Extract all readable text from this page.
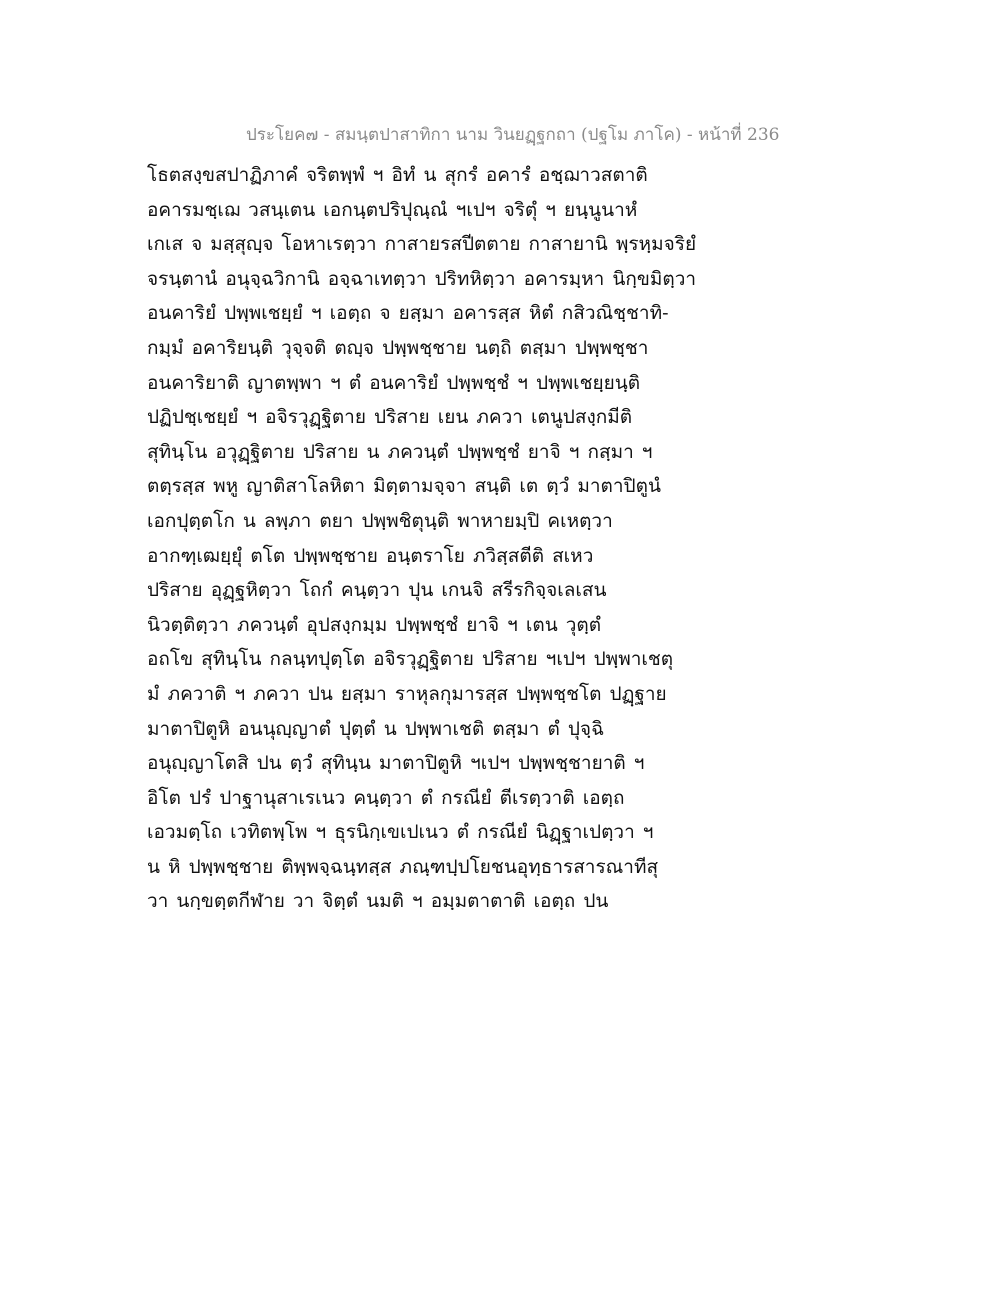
ประโยค๗ - สมนฺตปาสาทิกา นาม วินยฏฺฐกถา (ปฐโม ภาโค) - หน้าที่ 236
โธตสงฺขสปาฏิภาคํ จริตพฺพํ ฯ อิทํ น สุกรํ อคารํ อชฺฌาวสตาติ
อคารมชฺเฌ วสนฺเตน เอกนฺตปริปุณฺณํ ฯเปฯ จริตุํ ฯ ยนฺนูนาหํ
เกเส จ มสฺสุญฺจ โอหาเรตฺวา กาสายรสปีตตาย กาสายานิ พฺรหฺมจริยํ
จรนฺตานํ อนุจฺฉวิกานิ อจฺฉาเทตฺวา ปริทหิตฺวา อคารมฺหา นิกฺขมิตฺวา
อนคาริยํ ปพฺพเชยฺยํ ฯ เอตฺถ จ ยสฺมา อคารสฺส หิตํ กสิวณิชฺชาทิ-
กมฺมํ อคาริยนฺติ วุจฺจติ ตญฺจ ปพฺพชฺชาย นตฺถิ ตสฺมา ปพฺพชฺชา
อนคาริยาติ ญาตพฺพา ฯ ตํ อนคาริยํ ปพฺพชฺชํ ฯ ปพฺพเชยฺยนฺติ
ปฏิปชฺเชยฺยํ ฯ อจิรวุฏฺฐิตาย ปริสาย เยน ภควา เตนูปสงฺกมีติ
สุทินฺโน อวุฏฺฐิตาย ปริสาย น ภควนฺตํ ปพฺพชฺชํ ยาจิ ฯ กสฺมา ฯ
ตตฺรสฺส พหู ญาติสาโลหิตา มิตฺตามจฺจา สนฺติ เต ตฺวํ มาตาปิตูนํ
เอกปุตฺตโก น ลพฺภา ตยา ปพฺพชิตุนฺติ พาหายมฺปิ คเหตฺวา
อากฑฺเฒยฺยุํ ตโต ปพฺพชฺชาย อนฺตราโย ภวิสฺสตีติ สเหว
ปริสาย อุฏฺฐหิตฺวา โถกํ คนฺตฺวา ปุน เกนจิ สรีรกิจฺจเลเสน
นิวตฺติตฺวา ภควนฺตํ อุปสงฺกมฺม ปพฺพชฺชํ ยาจิ ฯ เตน วุตฺตํ
อถโข สุทินฺโน กลนฺทปุตฺโต อจิรวุฏฺฐิตาย ปริสาย ฯเปฯ ปพฺพาเชตุ
มํ ภควาติ ฯ ภควา ปน ยสฺมา ราหุลกุมารสฺส ปพฺพชฺชโต ปฏฺฐาย
มาตาปิตูหิ อนนุญฺญาตํ ปุตฺตํ น ปพฺพาเชติ ตสฺมา ตํ ปุจฺฉิ
อนุญฺญาโตสิ ปน ตฺวํ สุทินฺน มาตาปิตูหิ ฯเปฯ ปพฺพชฺชายาติ ฯ
อิโต ปรํ ปาฐานุสาเรเนว คนฺตฺวา ตํ กรณียํ ตีเรตฺวาติ เอตฺถ
เอวมตฺโถ เวทิตพฺโพ ฯ ธุรนิกฺเขเปเนว ตํ กรณียํ นิฏฺฐาเปตฺวา ฯ
น หิ ปพฺพชฺชาย ติพฺพจฺฉนฺทสฺส ภณฺฑปฺปโยชนอุทฺธารสารณาทีสุ
วา นกฺขตฺตกีฬาย วา จิตฺตํ นมติ ฯ อมฺมตาตาติ เอตฺถ ปน
